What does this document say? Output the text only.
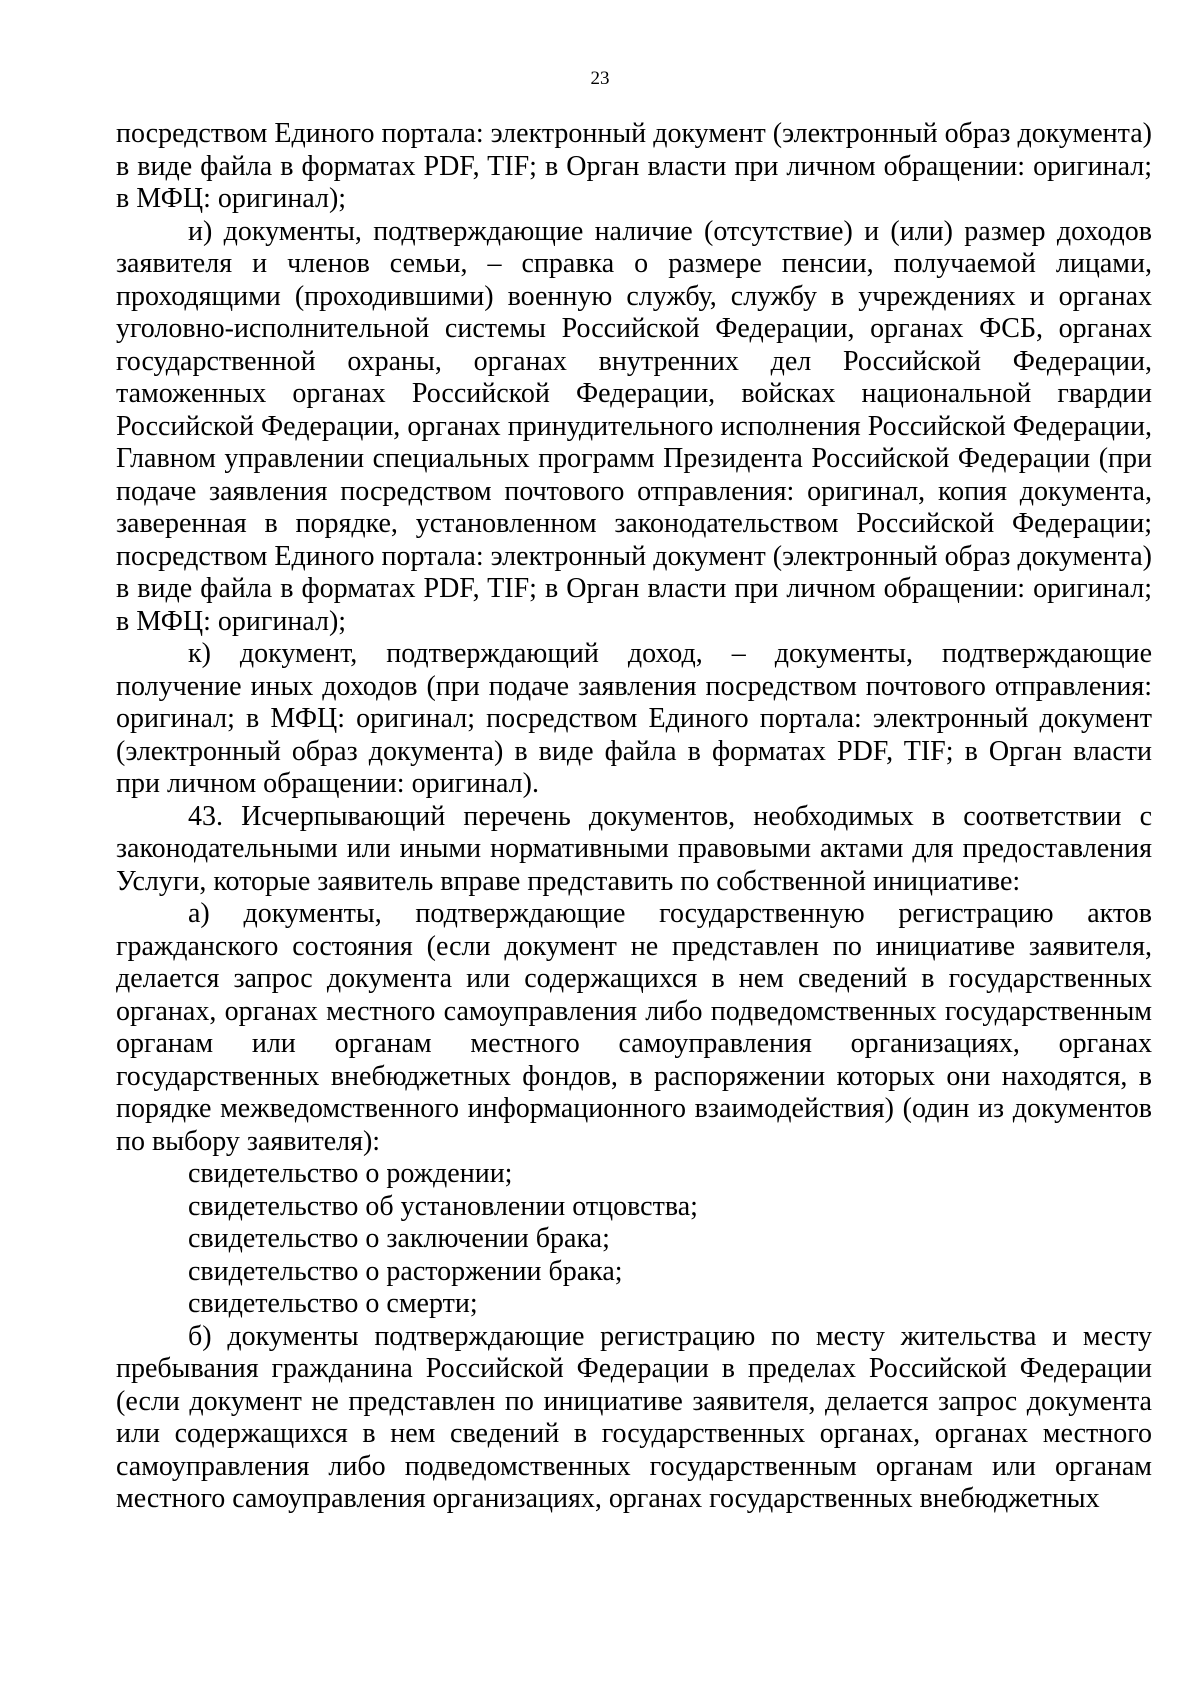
23

посредством Единого портала: электронный документ (электронный образ документа) в виде файла в форматах PDF, TIF; в Орган власти при личном обращении: оригинал; в МФЦ: оригинал);

и) документы, подтверждающие наличие (отсутствие) и (или) размер доходов заявителя и членов семьи, – справка о размере пенсии, получаемой лицами, проходящими (проходившими) военную службу, службу в учреждениях и органах уголовно-исполнительной системы Российской Федерации, органах ФСБ, органах государственной охраны, органах внутренних дел Российской Федерации, таможенных органах Российской Федерации, войсках национальной гвардии Российской Федерации, органах принудительного исполнения Российской Федерации, Главном управлении специальных программ Президента Российской Федерации (при подаче заявления посредством почтового отправления: оригинал, копия документа, заверенная в порядке, установленном законодательством Российской Федерации; посредством Единого портала: электронный документ (электронный образ документа) в виде файла в форматах PDF, TIF; в Орган власти при личном обращении: оригинал; в МФЦ: оригинал);

к) документ, подтверждающий доход, – документы, подтверждающие получение иных доходов (при подаче заявления посредством почтового отправления: оригинал; в МФЦ: оригинал; посредством Единого портала: электронный документ (электронный образ документа) в виде файла в форматах PDF, TIF; в Орган власти при личном обращении: оригинал).

43. Исчерпывающий перечень документов, необходимых в соответствии с законодательными или иными нормативными правовыми актами для предоставления Услуги, которые заявитель вправе представить по собственной инициативе:

а) документы, подтверждающие государственную регистрацию актов гражданского состояния (если документ не представлен по инициативе заявителя, делается запрос документа или содержащихся в нем сведений в государственных органах, органах местного самоуправления либо подведомственных государственным органам или органам местного самоуправления организациях, органах государственных внебюджетных фондов, в распоряжении которых они находятся, в порядке межведомственного информационного взаимодействия) (один из документов по выбору заявителя):

свидетельство о рождении;

свидетельство об установлении отцовства;

свидетельство о заключении брака;

свидетельство о расторжении брака;

свидетельство о смерти;

б) документы подтверждающие регистрацию по месту жительства и месту пребывания гражданина Российской Федерации в пределах Российской Федерации (если документ не представлен по инициативе заявителя, делается запрос документа или содержащихся в нем сведений в государственных органах, органах местного самоуправления либо подведомственных государственным органам или органам местного самоуправления организациях, органах государственных внебюджетных
